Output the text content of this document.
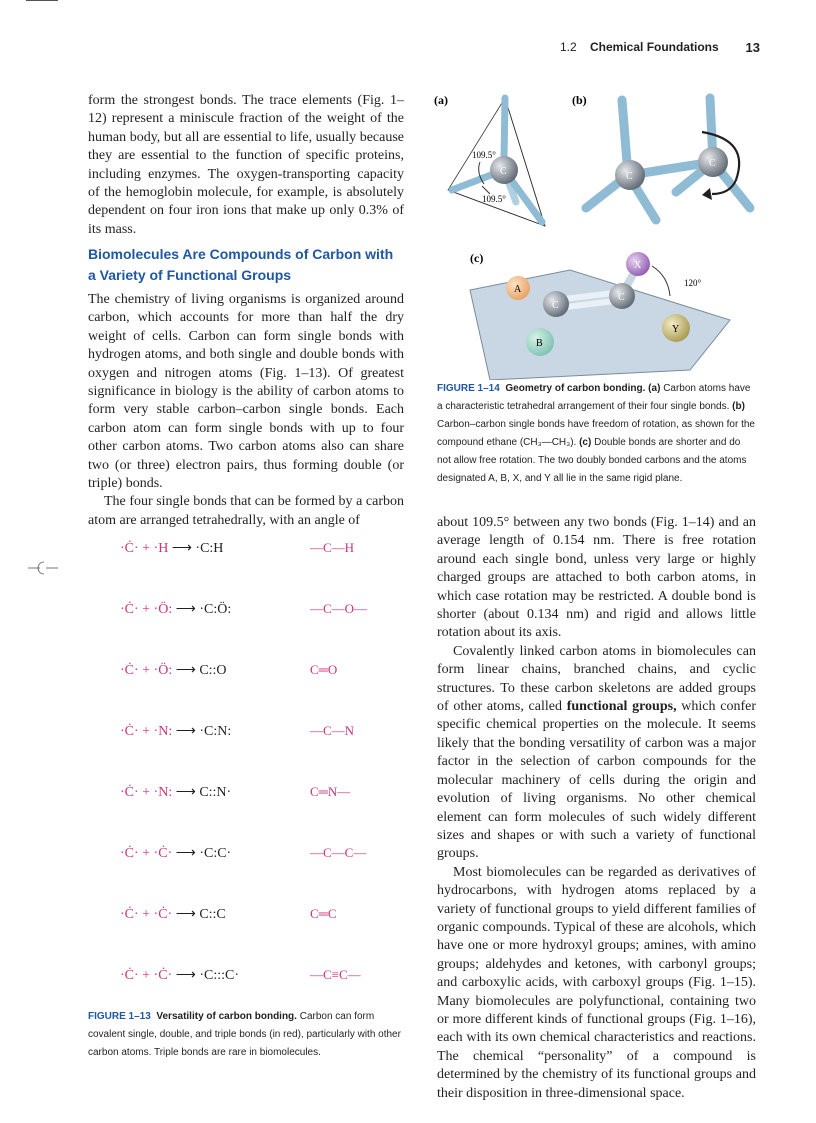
1.2 Chemical Foundations 13

form the strongest bonds. The trace elements (Fig. 1–12) represent a miniscule fraction of the weight of the human body, but all are essential to life, usually because they are essential to the function of specific proteins, including enzymes. The oxygen-transporting capacity of the hemoglobin molecule, for example, is absolutely dependent on four iron ions that make up only 0.3% of its mass.

Biomolecules Are Compounds of Carbon with
a Variety of Functional Groups

The chemistry of living organisms is organized around carbon, which accounts for more than half the dry weight of cells. Carbon can form single bonds with hydrogen atoms, and both single and double bonds with oxygen and nitrogen atoms (Fig. 1–13). Of greatest significance in biology is the ability of carbon atoms to form very stable carbon–carbon single bonds. Each carbon atom can form single bonds with up to four other carbon atoms. Two carbon atoms also can share two (or three) electron pairs, thus forming double (or triple) bonds.

The four single bonds that can be formed by a carbon atom are arranged tetrahedrally, with an angle of

·Ċ· + ·H ⟶ ·C:H	—C—H
·Ċ· + ·Ö: ⟶ ·C:Ö:	—C—O—
·Ċ· + ·Ö: ⟶ C::O	C═O
·Ċ· + ·N: ⟶ ·C:N:	—C—N
·Ċ· + ·N: ⟶ C::N·	C═N—
·Ċ· + ·Ċ· ⟶ ·C:C·	—C—C—
·Ċ· + ·Ċ· ⟶ C::C	C═C
·Ċ· + ·Ċ· ⟶ ·C:::C·	—C≡C—
FIGURE 1–13 Versatility of carbon bonding. Carbon can form covalent single, double, and triple bonds (in red), particularly with other carbon atoms. Triple bonds are rare in biomolecules.
(a)	(b)
(c)
C
109.5°
109.5°
C
C
A
B
X
Y
C
C
120°
FIGURE 1–14 Geometry of carbon bonding. (a) Carbon atoms have a characteristic tetrahedral arrangement of their four single bonds. (b) Carbon–carbon single bonds have freedom of rotation, as shown for the compound ethane (CH₃—CH₃). (c) Double bonds are shorter and do not allow free rotation. The two doubly bonded carbons and the atoms designated A, B, X, and Y all lie in the same rigid plane.

about 109.5° between any two bonds (Fig. 1–14) and an average length of 0.154 nm. There is free rotation around each single bond, unless very large or highly charged groups are attached to both carbon atoms, in which case rotation may be restricted. A double bond is shorter (about 0.134 nm) and rigid and allows little rotation about its axis.

Covalently linked carbon atoms in biomolecules can form linear chains, branched chains, and cyclic structures. To these carbon skeletons are added groups of other atoms, called functional groups, which confer specific chemical properties on the molecule. It seems likely that the bonding versatility of carbon was a major factor in the selection of carbon compounds for the molecular machinery of cells during the origin and evolution of living organisms. No other chemical element can form molecules of such widely different sizes and shapes or with such a variety of functional groups.

Most biomolecules can be regarded as derivatives of hydrocarbons, with hydrogen atoms replaced by a variety of functional groups to yield different families of organic compounds. Typical of these are alcohols, which have one or more hydroxyl groups; amines, with amino groups; aldehydes and ketones, with carbonyl groups; and carboxylic acids, with carboxyl groups (Fig. 1–15). Many biomolecules are polyfunctional, containing two or more different kinds of functional groups (Fig. 1–16), each with its own chemical characteristics and reactions. The chemical “personality” of a compound is determined by the chemistry of its functional groups and their disposition in three-dimensional space.
